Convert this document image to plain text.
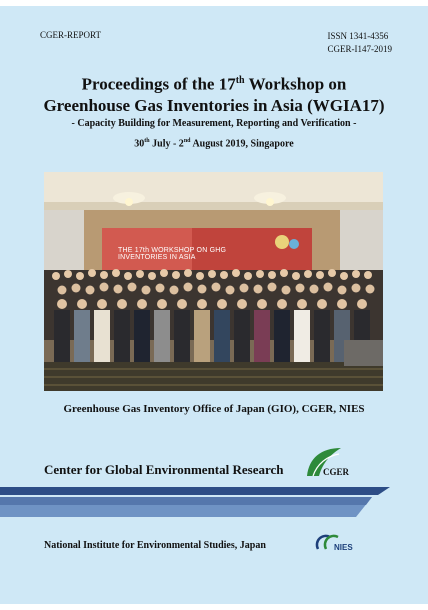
CGER-REPORT	ISSN 1341-4356
CGER-I147-2019
Proceedings of the 17th Workshop on
Greenhouse Gas Inventories in Asia (WGIA17)
- Capacity Building for Measurement, Reporting and Verification -
30th July - 2nd August 2019, Singapore
THE 17th WORKSHOP ON GHG INVENTORIES IN ASIA
Greenhouse Gas Inventory Office of Japan (GIO), CGER, NIES
Center for Global Environmental Research	CGER
National Institute for Environmental Studies, Japan	NIES
